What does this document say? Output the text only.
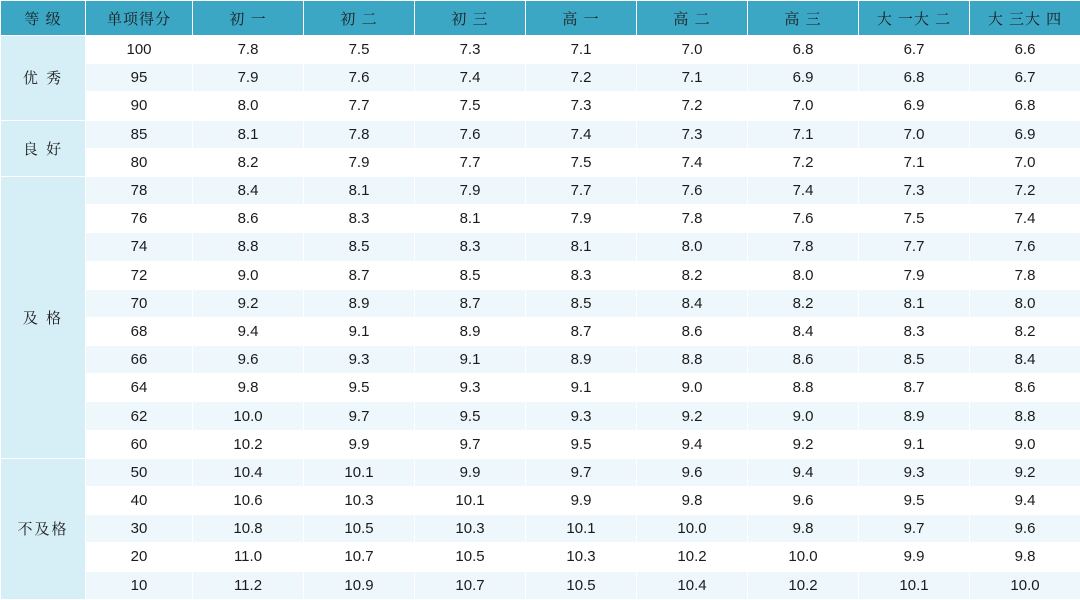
等 级	单项得分	初 一	初 二	初 三	高 一	高 二	高 三	大 一大 二	大 三大 四
优 秀	100	7.8	7.5	7.3	7.1	7.0	6.8	6.7	6.6
	95	7.9	7.6	7.4	7.2	7.1	6.9	6.8	6.7
	90	8.0	7.7	7.5	7.3	7.2	7.0	6.9	6.8
良 好	85	8.1	7.8	7.6	7.4	7.3	7.1	7.0	6.9
	80	8.2	7.9	7.7	7.5	7.4	7.2	7.1	7.0
及 格	78	8.4	8.1	7.9	7.7	7.6	7.4	7.3	7.2
	76	8.6	8.3	8.1	7.9	7.8	7.6	7.5	7.4
	74	8.8	8.5	8.3	8.1	8.0	7.8	7.7	7.6
	72	9.0	8.7	8.5	8.3	8.2	8.0	7.9	7.8
	70	9.2	8.9	8.7	8.5	8.4	8.2	8.1	8.0
	68	9.4	9.1	8.9	8.7	8.6	8.4	8.3	8.2
	66	9.6	9.3	9.1	8.9	8.8	8.6	8.5	8.4
	64	9.8	9.5	9.3	9.1	9.0	8.8	8.7	8.6
	62	10.0	9.7	9.5	9.3	9.2	9.0	8.9	8.8
	60	10.2	9.9	9.7	9.5	9.4	9.2	9.1	9.0
不及格	50	10.4	10.1	9.9	9.7	9.6	9.4	9.3	9.2
	40	10.6	10.3	10.1	9.9	9.8	9.6	9.5	9.4
	30	10.8	10.5	10.3	10.1	10.0	9.8	9.7	9.6
	20	11.0	10.7	10.5	10.3	10.2	10.0	9.9	9.8
	10	11.2	10.9	10.7	10.5	10.4	10.2	10.1	10.0
